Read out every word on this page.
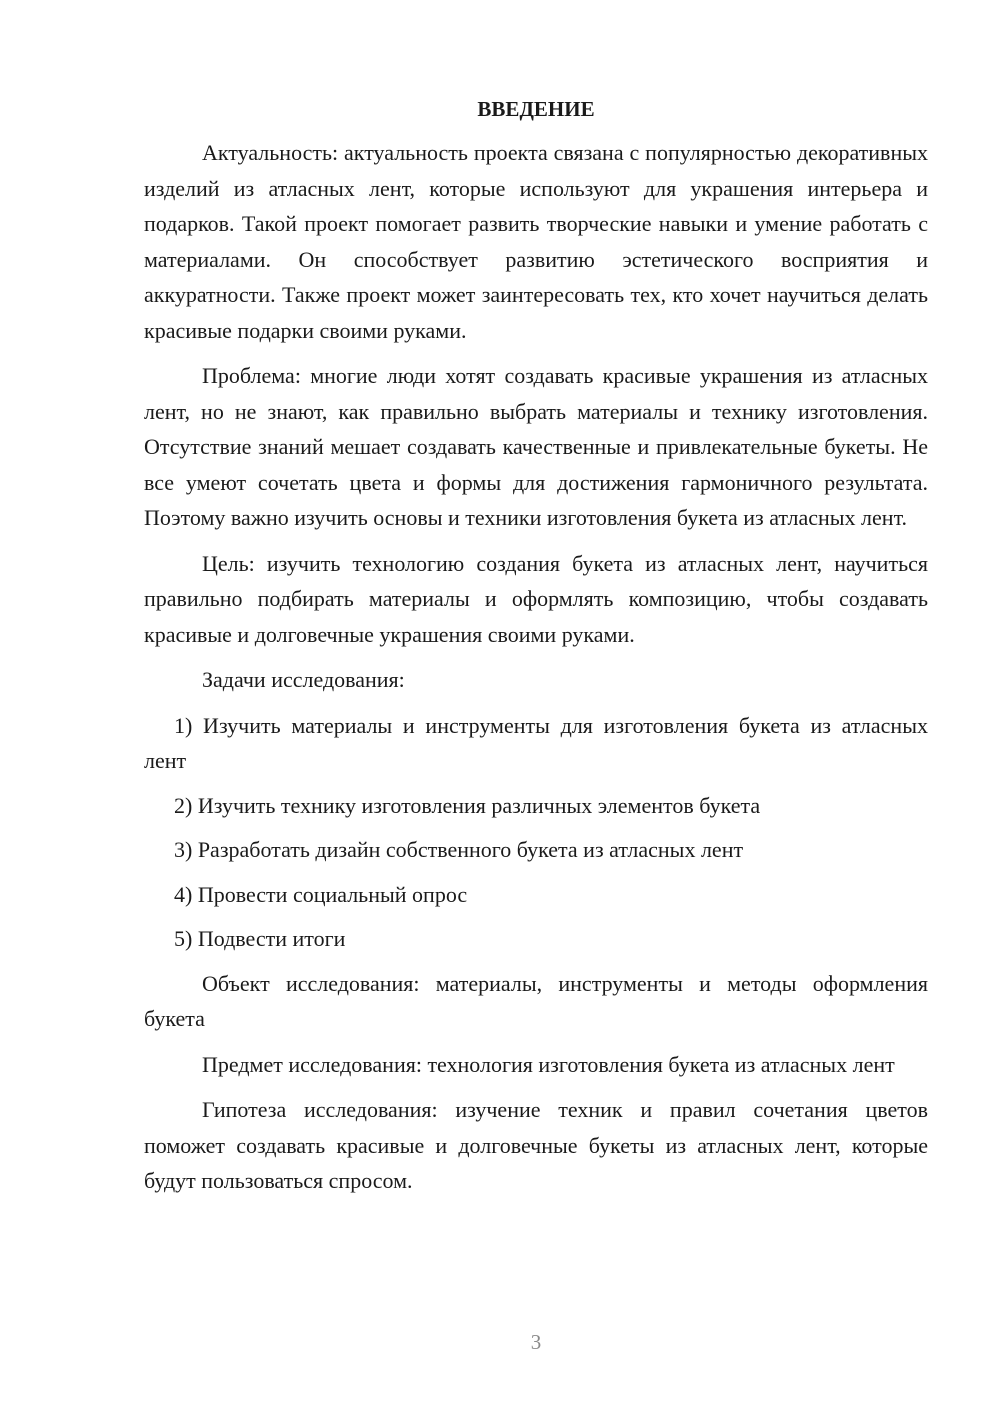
ВВЕДЕНИЕ

Актуальность: актуальность проекта связана с популярностью декоративных изделий из атласных лент, которые используют для украшения интерьера и подарков. Такой проект помогает развить творческие навыки и умение работать с материалами. Он способствует развитию эстетического восприятия и аккуратности. Также проект может заинтересовать тех, кто хочет научиться делать красивые подарки своими руками.

Проблема: многие люди хотят создавать красивые украшения из атласных лент, но не знают, как правильно выбрать материалы и технику изготовления. Отсутствие знаний мешает создавать качественные и привлекательные букеты. Не все умеют сочетать цвета и формы для достижения гармоничного результата. Поэтому важно изучить основы и техники изготовления букета из атласных лент.

Цель: изучить технологию создания букета из атласных лент, научиться правильно подбирать материалы и оформлять композицию, чтобы создавать красивые и долговечные украшения своими руками.

Задачи исследования:

1) Изучить материалы и инструменты для изготовления букета из атласных лент

2) Изучить технику изготовления различных элементов букета

3) Разработать дизайн собственного букета из атласных лент

4) Провести социальный опрос

5) Подвести итоги

Объект исследования: материалы, инструменты и методы оформления букета

Предмет исследования: технология изготовления букета из атласных лент

Гипотеза исследования: изучение техник и правил сочетания цветов поможет создавать красивые и долговечные букеты из атласных лент, которые будут пользоваться спросом.

3
